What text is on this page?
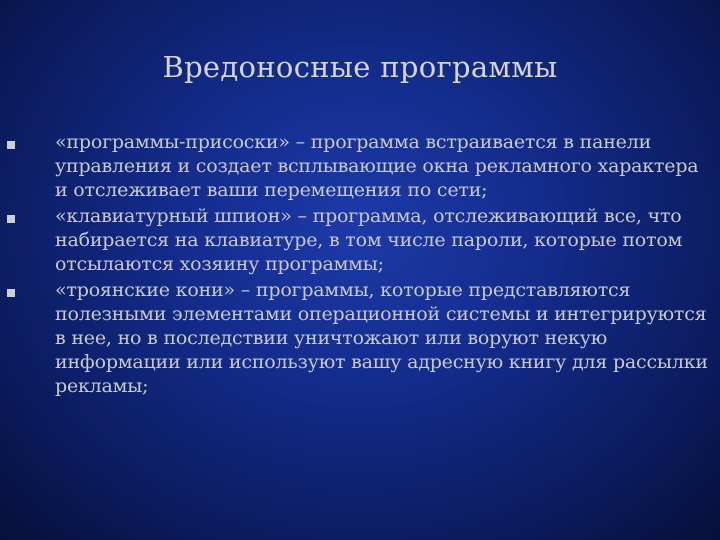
Вредоносные программы
«программы-присоски» – программа встраивается в панели управления и создает всплывающие окна рекламного характера и отслеживает ваши перемещения по сети;
«клавиатурный шпион» – программа, отслеживающий все, что набирается на клавиатуре, в том числе пароли, которые потом отсылаются хозяину программы;
«троянские кони» – программы, которые представляются полезными элементами операционной системы и интегрируются в нее, но в последствии уничтожают или воруют некую информации или используют вашу адресную книгу для рассылки рекламы;
